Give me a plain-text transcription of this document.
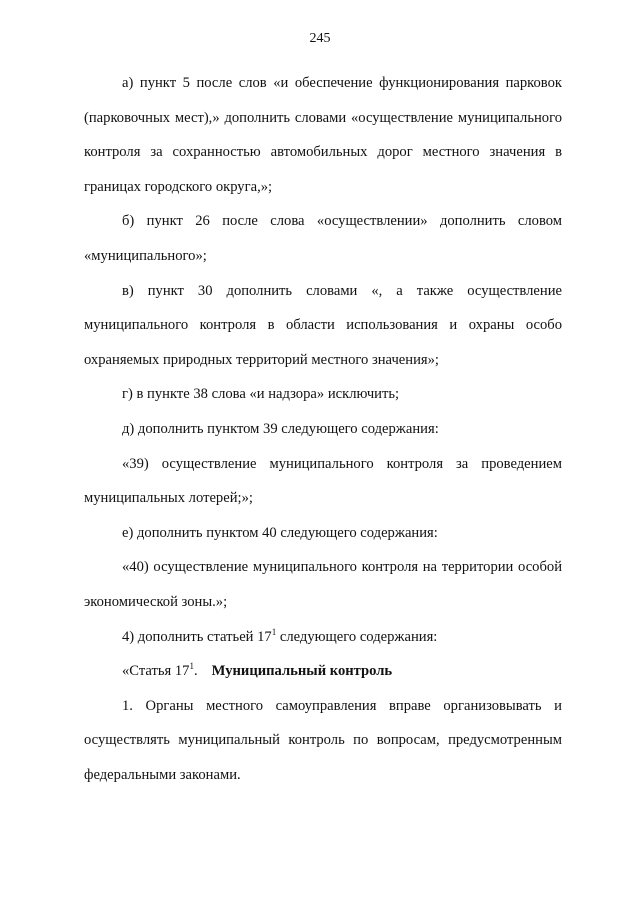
245

а) пункт 5 после слов «и обеспечение функционирования парковок (парковочных мест),» дополнить словами «осуществление муниципального контроля за сохранностью автомобильных дорог местного значения в границах городского округа,»;

б) пункт 26 после слова «осуществлении» дополнить словом «муниципального»;

в) пункт 30 дополнить словами «, а также осуществление муниципального контроля в области использования и охраны особо охраняемых природных территорий местного значения»;

г) в пункте 38 слова «и надзора» исключить;

д) дополнить пунктом 39 следующего содержания:

«39) осуществление муниципального контроля за проведением муниципальных лотерей;»;

е) дополнить пунктом 40 следующего содержания:

«40) осуществление муниципального контроля на территории особой экономической зоны.»;

4) дополнить статьей $17^1$ следующего содержания:

«Статья $17^1$. Муниципальный контроль

1. Органы местного самоуправления вправе организовывать и осуществлять муниципальный контроль по вопросам, предусмотренным федеральными законами.
